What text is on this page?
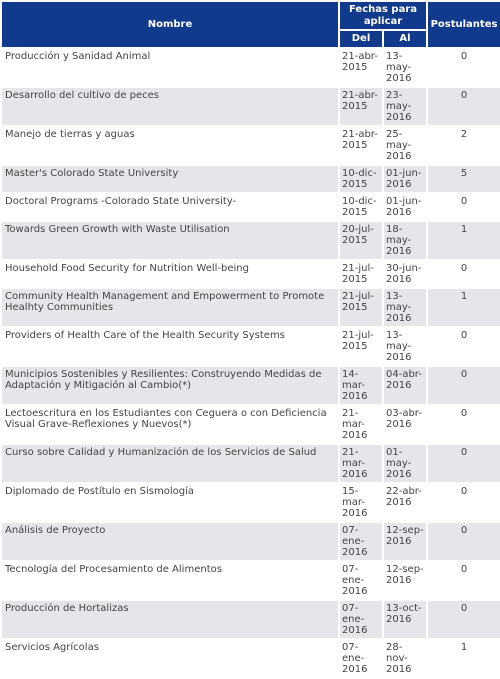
Nombre	Fechas para aplicar		Postulantes
	Del	Al	
Producción y Sanidad Animal	21-abr-2015	13-may-2016	0
Desarrollo del cultivo de peces	21-abr-2015	23-may-2016	0
Manejo de tierras y aguas	21-abr-2015	25-may-2016	2
Master's Colorado State University	10-dic-2015	01-jun-2016	5
Doctoral Programs -Colorado State University-	10-dic-2015	01-jun-2016	0
Towards Green Growth with Waste Utilisation	20-jul-2015	18-may-2016	1
Household Food Security for Nutrition Well-being	21-jul-2015	30-jun-2016	0
Community Health Management and Empowerment to Promote Healhty Communities	21-jul-2015	13-may-2016	1
Providers of Health Care of the Health Security Systems	21-jul-2015	13-may-2016	0
Municipios Sostenibles y Resilientes: Construyendo Medidas de Adaptación y Mitigación al Cambio(*)	14-mar-2016	04-abr-2016	0
Lectoescritura en los Estudiantes con Ceguera o con Deficiencia Visual Grave-Reflexiones y Nuevos(*)	21-mar-2016	03-abr-2016	0
Curso sobre Calidad y Humanización de los Servicios de Salud	21-mar-2016	01-may-2016	0
Diplomado de Postítulo en Sismología	15-mar-2016	22-abr-2016	0
Análisis de Proyecto	07-ene-2016	12-sep-2016	0
Tecnología del Procesamiento de Alimentos	07-ene-2016	12-sep-2016	0
Producción de Hortalizas	07-ene-2016	13-oct-2016	0
Servicios Agrícolas	07-ene-2016	28-nov-2016	1
